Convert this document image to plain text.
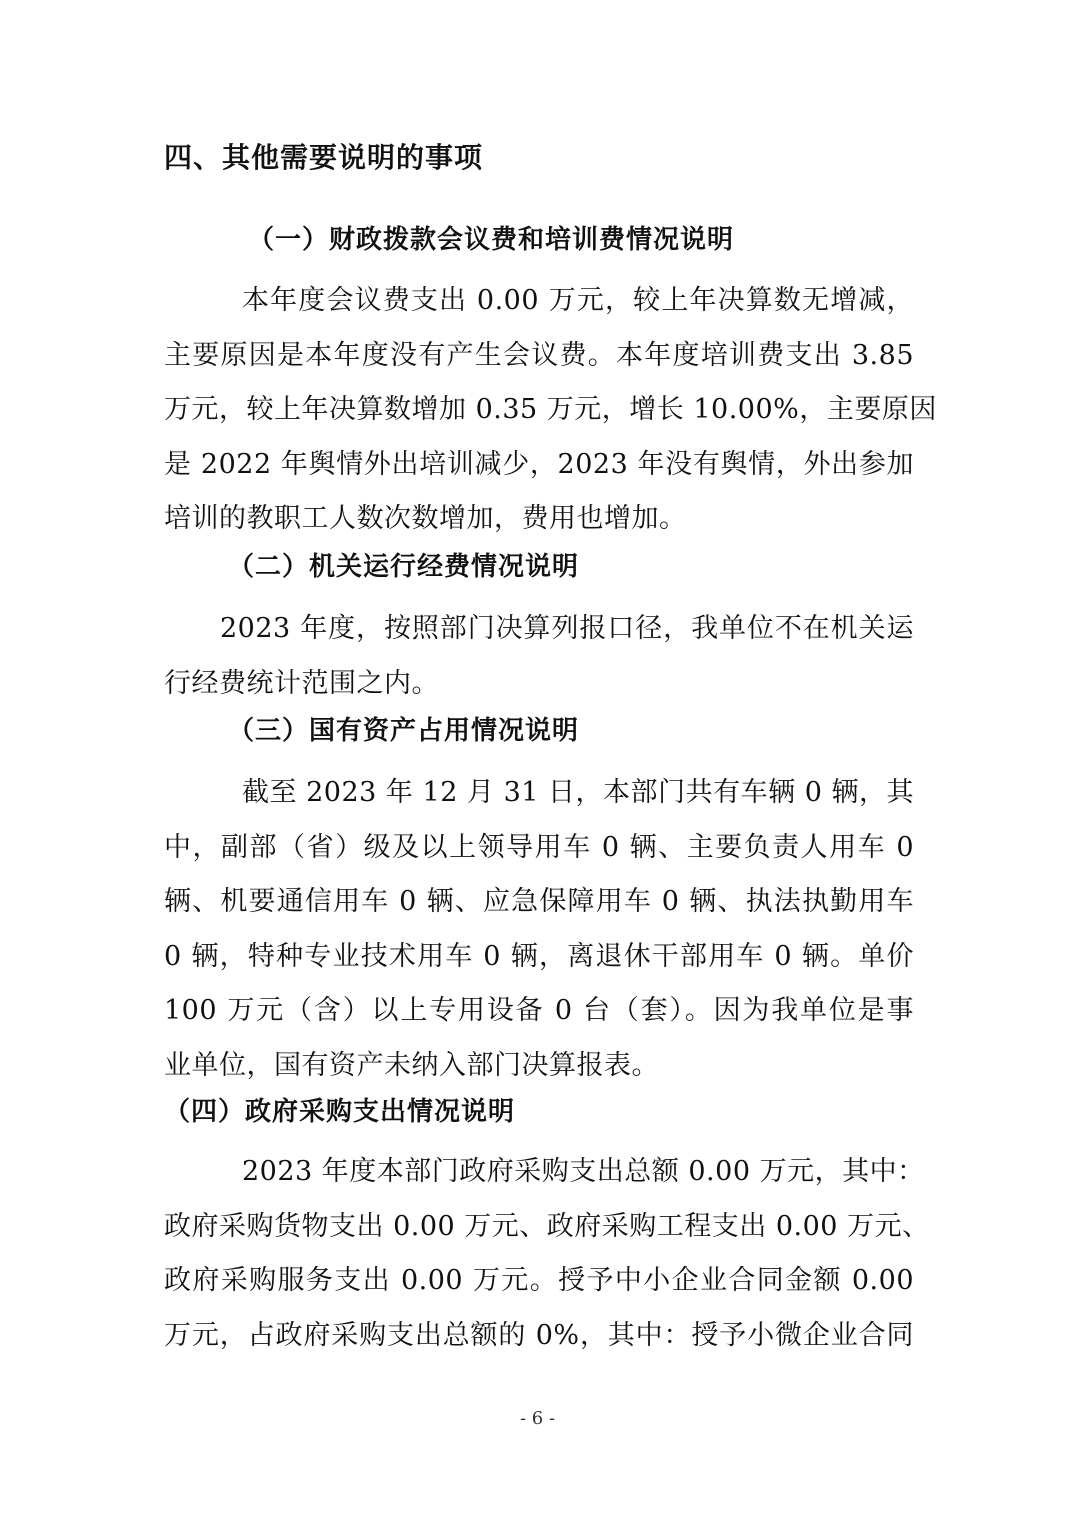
四、其他需要说明的事项
（一）财政拨款会议费和培训费情况说明
本年度会议费支出 0.00 万元，较上年决算数无增减，
主要原因是本年度没有产生会议费。本年度培训费支出 3.85
万元，较上年决算数增加 0.35 万元，增长 10.00%，主要原因
是 2022 年舆情外出培训减少，2023 年没有舆情，外出参加
培训的教职工人数次数增加，费用也增加。
（二）机关运行经费情况说明
2023 年度，按照部门决算列报口径，我单位不在机关运
行经费统计范围之内。
（三）国有资产占用情况说明
截至 2023 年 12 月 31 日，本部门共有车辆 0 辆，其
中，副部（省）级及以上领导用车 0 辆、主要负责人用车 0
辆、机要通信用车 0 辆、应急保障用车 0 辆、执法执勤用车
0 辆，特种专业技术用车 0 辆，离退休干部用车 0 辆。单价
100 万元（含）以上专用设备 0 台（套）。因为我单位是事
业单位，国有资产未纳入部门决算报表。
（四）政府采购支出情况说明
2023 年度本部门政府采购支出总额 0.00 万元，其中：
政府采购货物支出 0.00 万元、政府采购工程支出 0.00 万元、
政府采购服务支出 0.00 万元。授予中小企业合同金额 0.00
万元，占政府采购支出总额的 0%，其中：授予小微企业合同
- 6 -
